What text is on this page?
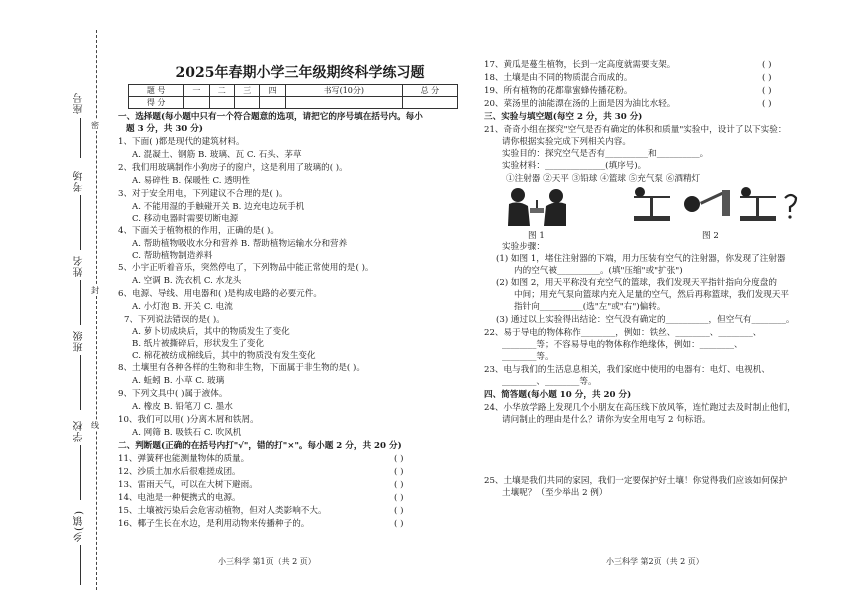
密
封
线
座号
考场
姓名
班级
学校
乡(镇)
2025年春期小学三年级期终科学练习题
题 号	一	二	三	四	书写(10分)	总 分
得 分						
一、选择题(每小题中只有一个符合题意的选项，请把它的序号填在括号内。每小
题 3 分，共 30 分)
1、下面( )都是现代的建筑材料。
A. 混凝土、钢筋 B. 玻璃、瓦 C. 石头、茅草
2、我们用玻璃制作小狗房子的窗户，这是利用了玻璃的( )。
A. 易碎性 B. 保暖性 C. 透明性
3、对于安全用电，下列建议不合理的是( )。
A. 不能用湿的手触碰开关 B. 边充电边玩手机
C. 移动电器时需要切断电源
4、下面关于植物根的作用，正确的是( )。
A. 帮助植物吸收水分和营养 B. 帮助植物运输水分和营养
C. 帮助植物制造养料
5、小宇正听着音乐，突然停电了，下列物品中能正常使用的是( )。
A. 空调 B. 洗衣机 C. 水龙头
6、电源、导线、用电器和( )是构成电路的必要元件。
A. 小灯泡 B. 开关 C. 电流
7、下列说法错误的是( )。
A. 萝卜切成块后，其中的物质发生了变化
B. 纸片被撕碎后，形状发生了变化
C. 棉花被纺成棉线后，其中的物质没有发生变化
8、土壤里有各种各样的生物和非生物，下面属于非生物的是( )。
A. 蚯蚓 B. 小草 C. 玻璃
9、下列文具中( )属于液体。
A. 橡皮 B. 铅笔刀 C. 墨水
10、我们可以用( )分离木屑和铁屑。
A. 网筛 B. 吸铁石 C. 吹风机
二、判断题(正确的在括号内打"√"，错的打"×"。每小题 2 分，共 20 分)
11、弹簧秤也能测量物体的质量。	( )
12、沙质土加水后很难搓成团。	( )
13、雷雨天气，可以在大树下避雨。	( )
14、电池是一种便携式的电源。	( )
15、土壤被污染后会危害动植物，但对人类影响不大。	( )
16、椰子生长在水边，是利用动物来传播种子的。	( )
小三科学 第1页（共 2 页）
17、黄瓜是蔓生植物，长到一定高度就需要支架。	( )
18、土壤是由不同的物质混合而成的。	( )
19、所有植物的花都靠蜜蜂传播花粉。	( )
20、菜汤里的油能漂在汤的上面是因为油比水轻。	( )
三、实验与填空题(每空 2 分，共 30 分)
21、奇奇小组在探究"空气是否有确定的体积和质量"实验中，设计了以下实验：
请你根据实验完成下列相关内容。
实验目的：探究空气是否有__________和__________。
实验材料：______________(填序号)。
①注射器 ②天平 ③铅球 ④篮球 ⑤充气泵 ⑥酒精灯
图 1	图 2
实验步骤：
(1) 如图 1，堵住注射器的下端，用力压装有空气的注射器，你发现了注射器
内的空气被__________。(填"压缩"或"扩张")
(2) 如图 2，用天平称没有充空气的篮球，我们发现天平指针指向分度盘的
中间；用充气泵向篮球内充入足量的空气，然后再称篮球，我们发现天平
指针向__________(选"左"或"右")偏转。
(3) 通过以上实验得出结论：空气没有确定的__________，但空气有________。
22、易于导电的物体称作________，例如：铁丝、________、________、
________等；不容易导电的物体称作绝缘体，例如：________、
________等。
23、电与我们的生活息息相关，我们家庭中使用的电器有：电灯、电视机、
________、________等。
四、简答题(每小题 10 分，共 20 分)
24、小华放学路上发现几个小朋友在高压线下放风筝，连忙跑过去及时制止他们，
请问制止的理由是什么？请你为安全用电写 2 句标语。
25、土壤是我们共同的家园，我们一定要保护好土壤！你觉得我们应该如何保护
土壤呢？（至少举出 2 例）
小三科学 第2页（共 2 页）
